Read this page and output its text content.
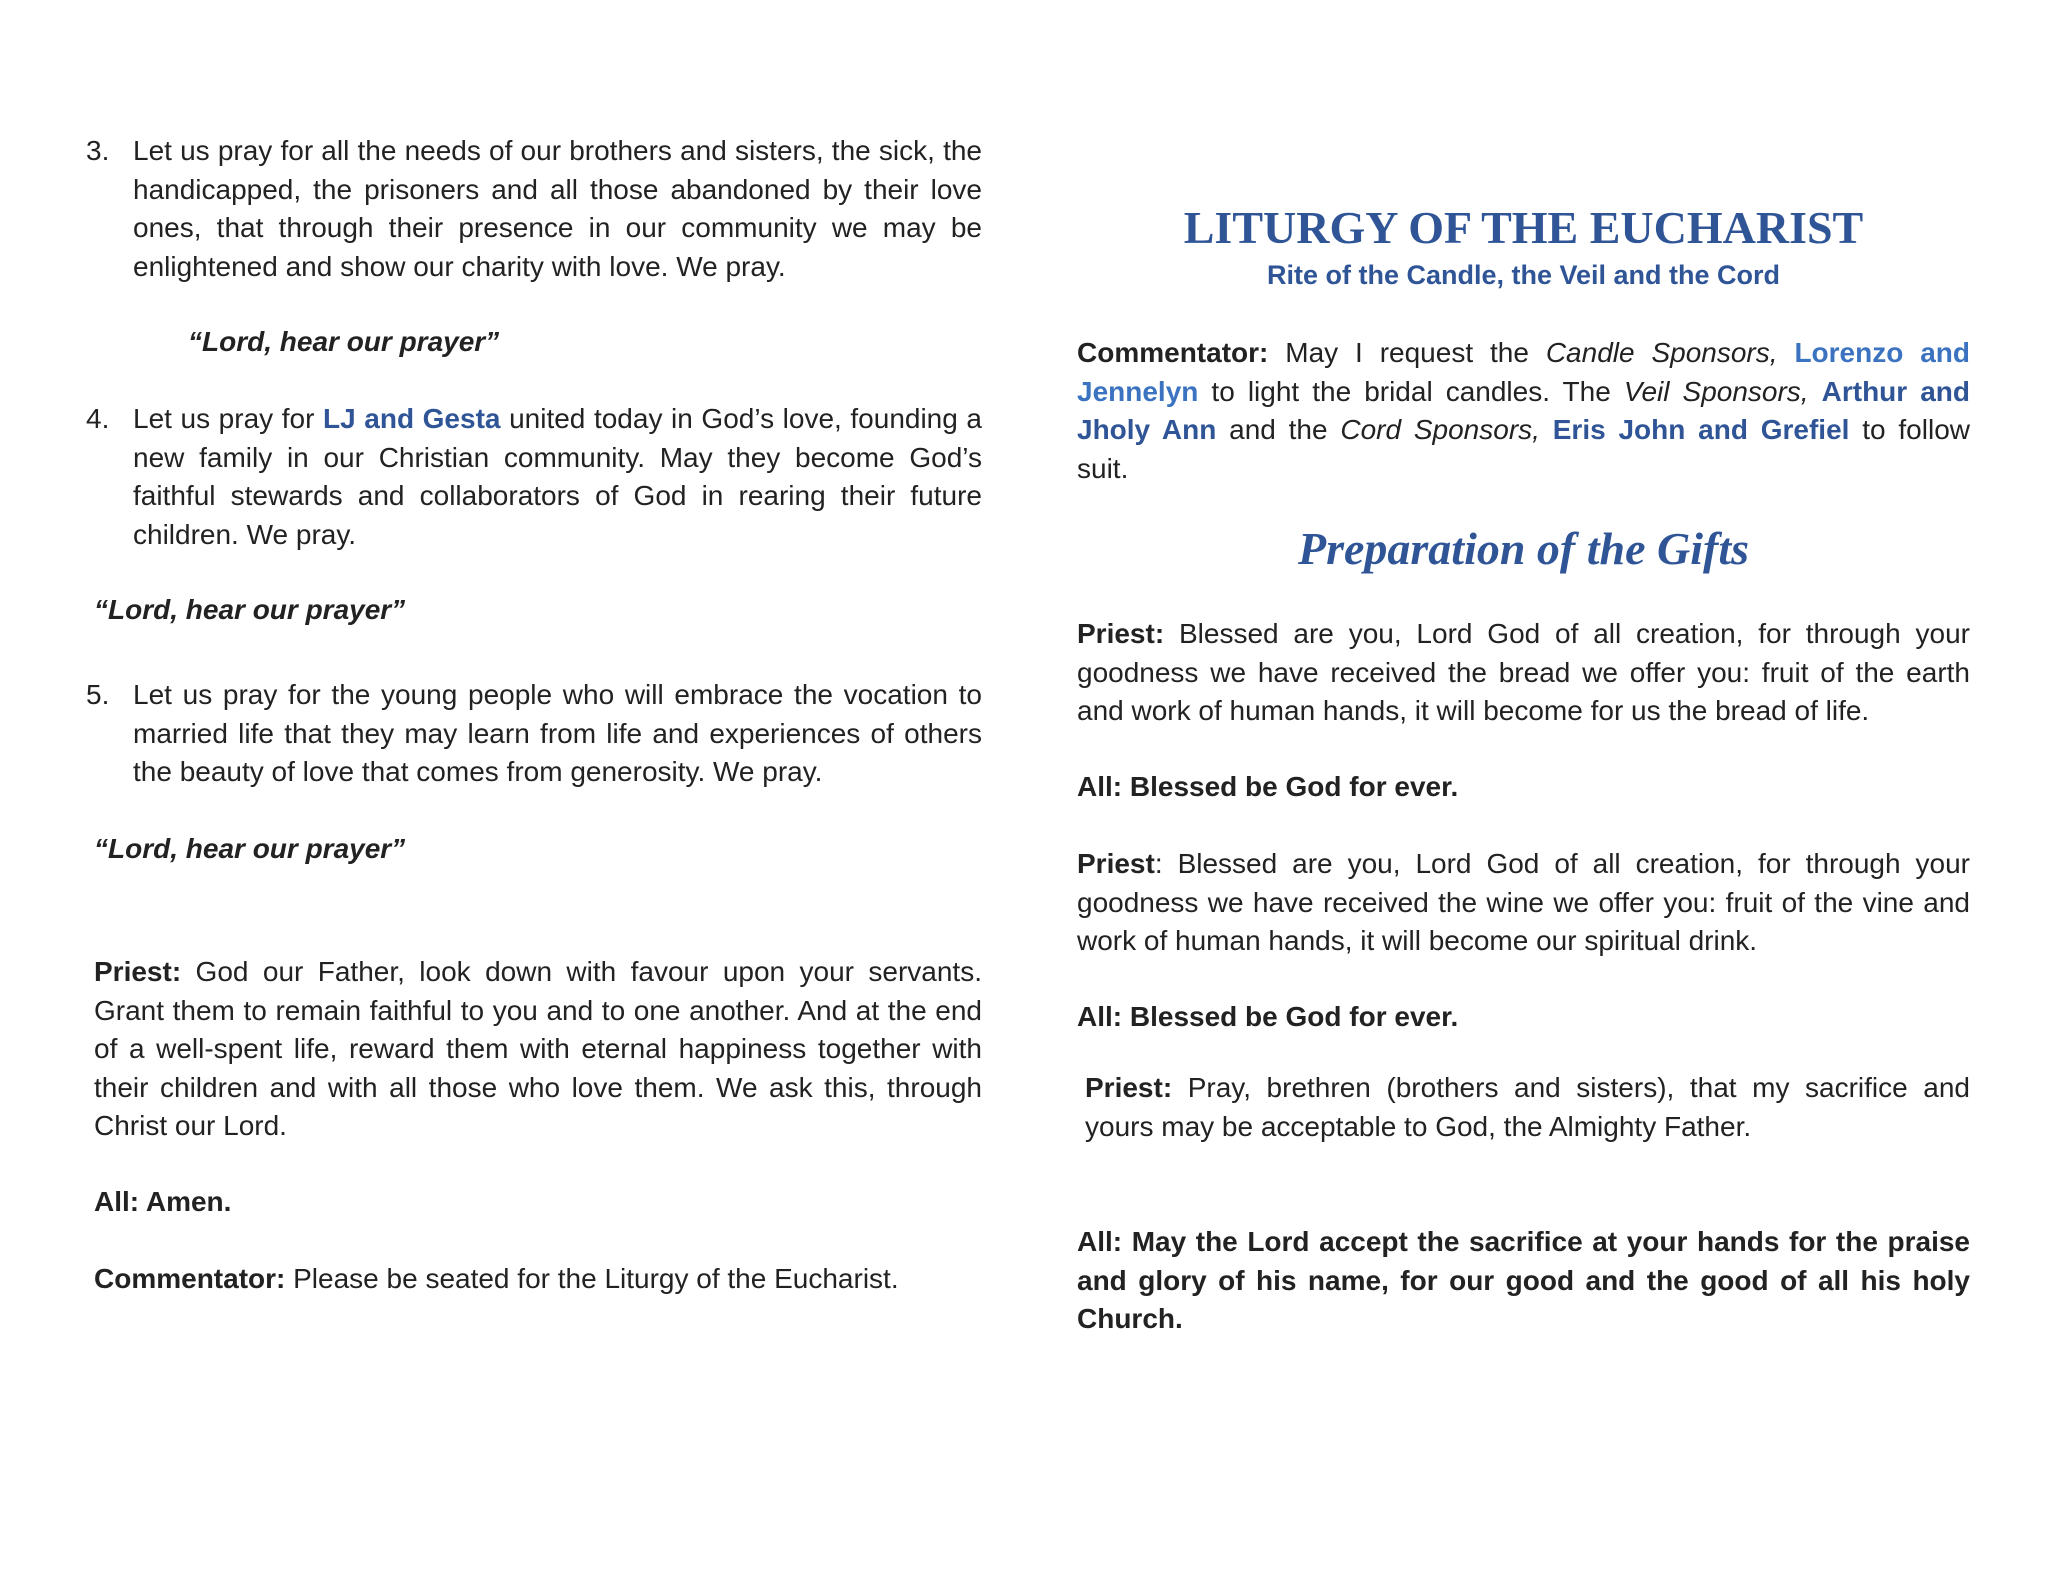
3. Let us pray for all the needs of our brothers and sisters, the sick, the handicapped, the prisoners and all those abandoned by their love ones, that through their presence in our community we may be enlightened and show our charity with love. We pray.

“Lord, hear our prayer”
4. Let us pray for LJ and Gesta united today in God’s love, founding a new family in our Christian community. May they become God’s faithful stewards and collaborators of God in rearing their future children. We pray.

“Lord, hear our prayer”
5. Let us pray for the young people who will embrace the vocation to married life that they may learn from life and experiences of others the beauty of love that comes from generosity. We pray.

“Lord, hear our prayer”

Priest: God our Father, look down with favour upon your servants. Grant them to remain faithful to you and to one another. And at the end of a well-spent life, reward them with eternal happiness together with their children and with all those who love them. We ask this, through Christ our Lord.

All: Amen.

Commentator: Please be seated for the Liturgy of the Eucharist.

LITURGY OF THE EUCHARIST
Rite of the Candle, the Veil and the Cord

Commentator: May I request the Candle Sponsors, Lorenzo and Jennelyn to light the bridal candles. The Veil Sponsors, Arthur and Jholy Ann and the Cord Sponsors, Eris John and Grefiel to follow suit.

Preparation of the Gifts

Priest: Blessed are you, Lord God of all creation, for through your goodness we have received the bread we offer you: fruit of the earth and work of human hands, it will become for us the bread of life.

All: Blessed be God for ever.

Priest: Blessed are you, Lord God of all creation, for through your goodness we have received the wine we offer you: fruit of the vine and work of human hands, it will become our spiritual drink.

All: Blessed be God for ever.

Priest: Pray, brethren (brothers and sisters), that my sacrifice and yours may be acceptable to God, the Almighty Father.

All: May the Lord accept the sacrifice at your hands for the praise and glory of his name, for our good and the good of all his holy Church.
